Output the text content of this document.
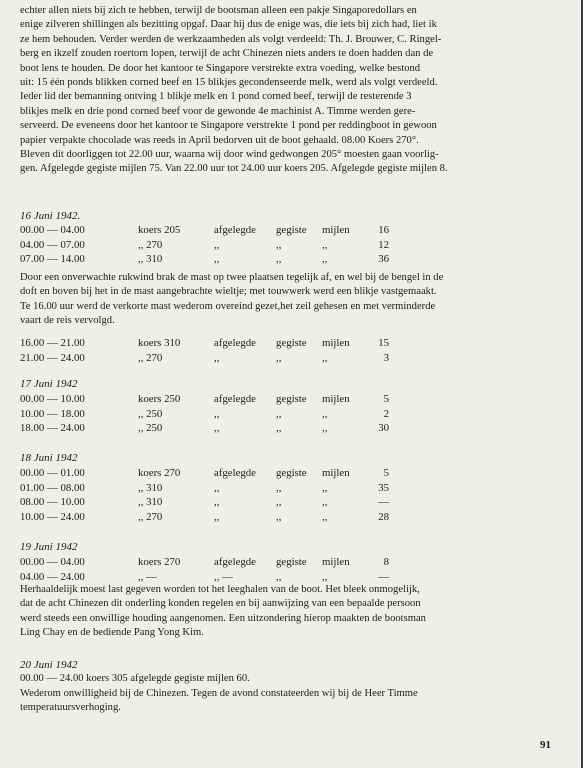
echter allen niets bij zich te hebben, terwijl de bootsman alleen een pakje Singaporedollars en
enige zilveren shillingen als bezitting opgaf. Daar hij dus de enige was, die iets bij zich had, liet ik
ze hem behouden. Verder werden de werkzaamheden als volgt verdeeld: Th. J. Brouwer, C. Ringel-
berg en ikzelf zouden roertorn lopen, terwijl de acht Chinezen niets anders te doen hadden dan de
boot lens te houden. De door het kantoor te Singapore verstrekte extra voeding, welke bestond
uit: 15 één ponds blikken corned beef en 15 blikjes gecondenseerde melk, werd als volgt verdeeld.
Ieder lid der bemanning ontving 1 blikje melk en 1 pond corned beef, terwijl de resterende 3
blikjes melk en drie pond corned beef voor de gewonde 4e machinist A. Timme werden gere-
serveerd. De eveneens door het kantoor te Singapore verstrekte 1 pond per reddingboot in gewoon
papier verpakte chocolade was reeds in April bedorven uit de boot gehaald. 08.00 Koers 270°.
Bleven dit doorliggen tot 22.00 uur, waarna wij door wind gedwongen 205° moesten gaan voorlig-
gen. Afgelegde gegiste mijlen 75. Van 22.00 uur tot 24.00 uur koers 205. Afgelegde gegiste mijlen 8.

16 Juni 1942.

00.00 — 04.00	koers 205	afgelegde	gegiste	mijlen	16
04.00 — 07.00	,, 270	,,	,,	,,	12
07.00 — 14.00	,, 310	,,	,,	,,	36

Door een onverwachte rukwind brak de mast op twee plaatsen tegelijk af, en wel bij de bengel in de
doft en boven bij het in de mast aangebrachte wieltje; met touwwerk werd een blikje vastgemaakt.
Te 16.00 uur werd de verkorte mast wederom overeind gezet,het zeil gehesen en met verminderde
vaart de reis vervolgd.

16.00 — 21.00	koers 310	afgelegde	gegiste	mijlen	15
21.00 — 24.00	,, 270	,,	,,	,,	3

17 Juni 1942

00.00 — 10.00	koers 250	afgelegde	gegiste	mijlen	5
10.00 — 18.00	,, 250	,,	,,	,,	2
18.00 — 24.00	,, 250	,,	,,	,,	30

18 Juni 1942

00.00 — 01.00	koers 270	afgelegde	gegiste	mijlen	5
01.00 — 08.00	,, 310	,,	,,	,,	35
08.00 — 10.00	,, 310	,,	,,	,,	—
10.00 — 24.00	,, 270	,,	,,	,,	28

19 Juni 1942

00.00 — 04.00	koers 270	afgelegde	gegiste	mijlen	8
04.00 — 24.00	,, —	,, —	,,	,,	—

Herhaaldelijk moest last gegeven worden tot het leeghalen van de boot. Het bleek onmogelijk,
dat de acht Chinezen dit onderling konden regelen en bij aanwijzing van een bepaalde persoon
werd steeds een onwillige houding aangenomen. Een uitzondering hierop maakten de bootsman
Ling Chay en de bediende Pang Yong Kim.

20 Juni 1942

00.00 — 24.00 koers 305 afgelegde gegiste mijlen 60.

Wederom onwilligheid bij de Chinezen. Tegen de avond constateerden wij bij de Heer Timme
temperatuursverhoging.

91
